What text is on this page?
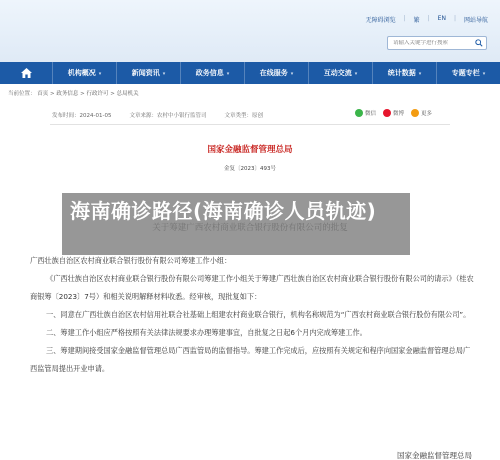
无障碍浏览 | 繁 | EN | 网站导航
请输入关键字进行搜索
机构概况 ▾	新闻资讯 ▾	政务信息 ▾	在线服务 ▾	互动交流 ▾	统计数据 ▾	专题专栏 ▾
当前位置： 首页 > 政务信息 > 行政许可 > 总局机关
发布时间：2024-01-05	文章来源：农村中小银行监管司	文章类型：原创	微信	微博	更多
国家金融监督管理总局
金复〔2023〕493号

广西壮族自治区农村商业联合银行股份有限公司筹建工作小组：

《广西壮族自治区农村商业联合银行股份有限公司筹建工作小组关于筹建广西壮族自治区农村商业联合银行股份有限公司的请示》（桂农商银筹〔2023〕7号）和相关说明解释材料收悉。经审核，现批复如下：

一、同意在广西壮族自治区农村信用社联合社基础上组建农村商业联合银行，机构名称规范为“广西农村商业联合银行股份有限公司”。

二、筹建工作小组应严格按照有关法律法规要求办理筹建事宜，自批复之日起6个月内完成筹建工作。

三、筹建期间接受国家金融监督管理总局广西监管局的监督指导。筹建工作完成后，应按照有关规定和程序向国家金融监督管理总局广西监管局提出开业申请。

国家金融监督管理总局
海南确诊路径(海南确诊人员轨迹)
